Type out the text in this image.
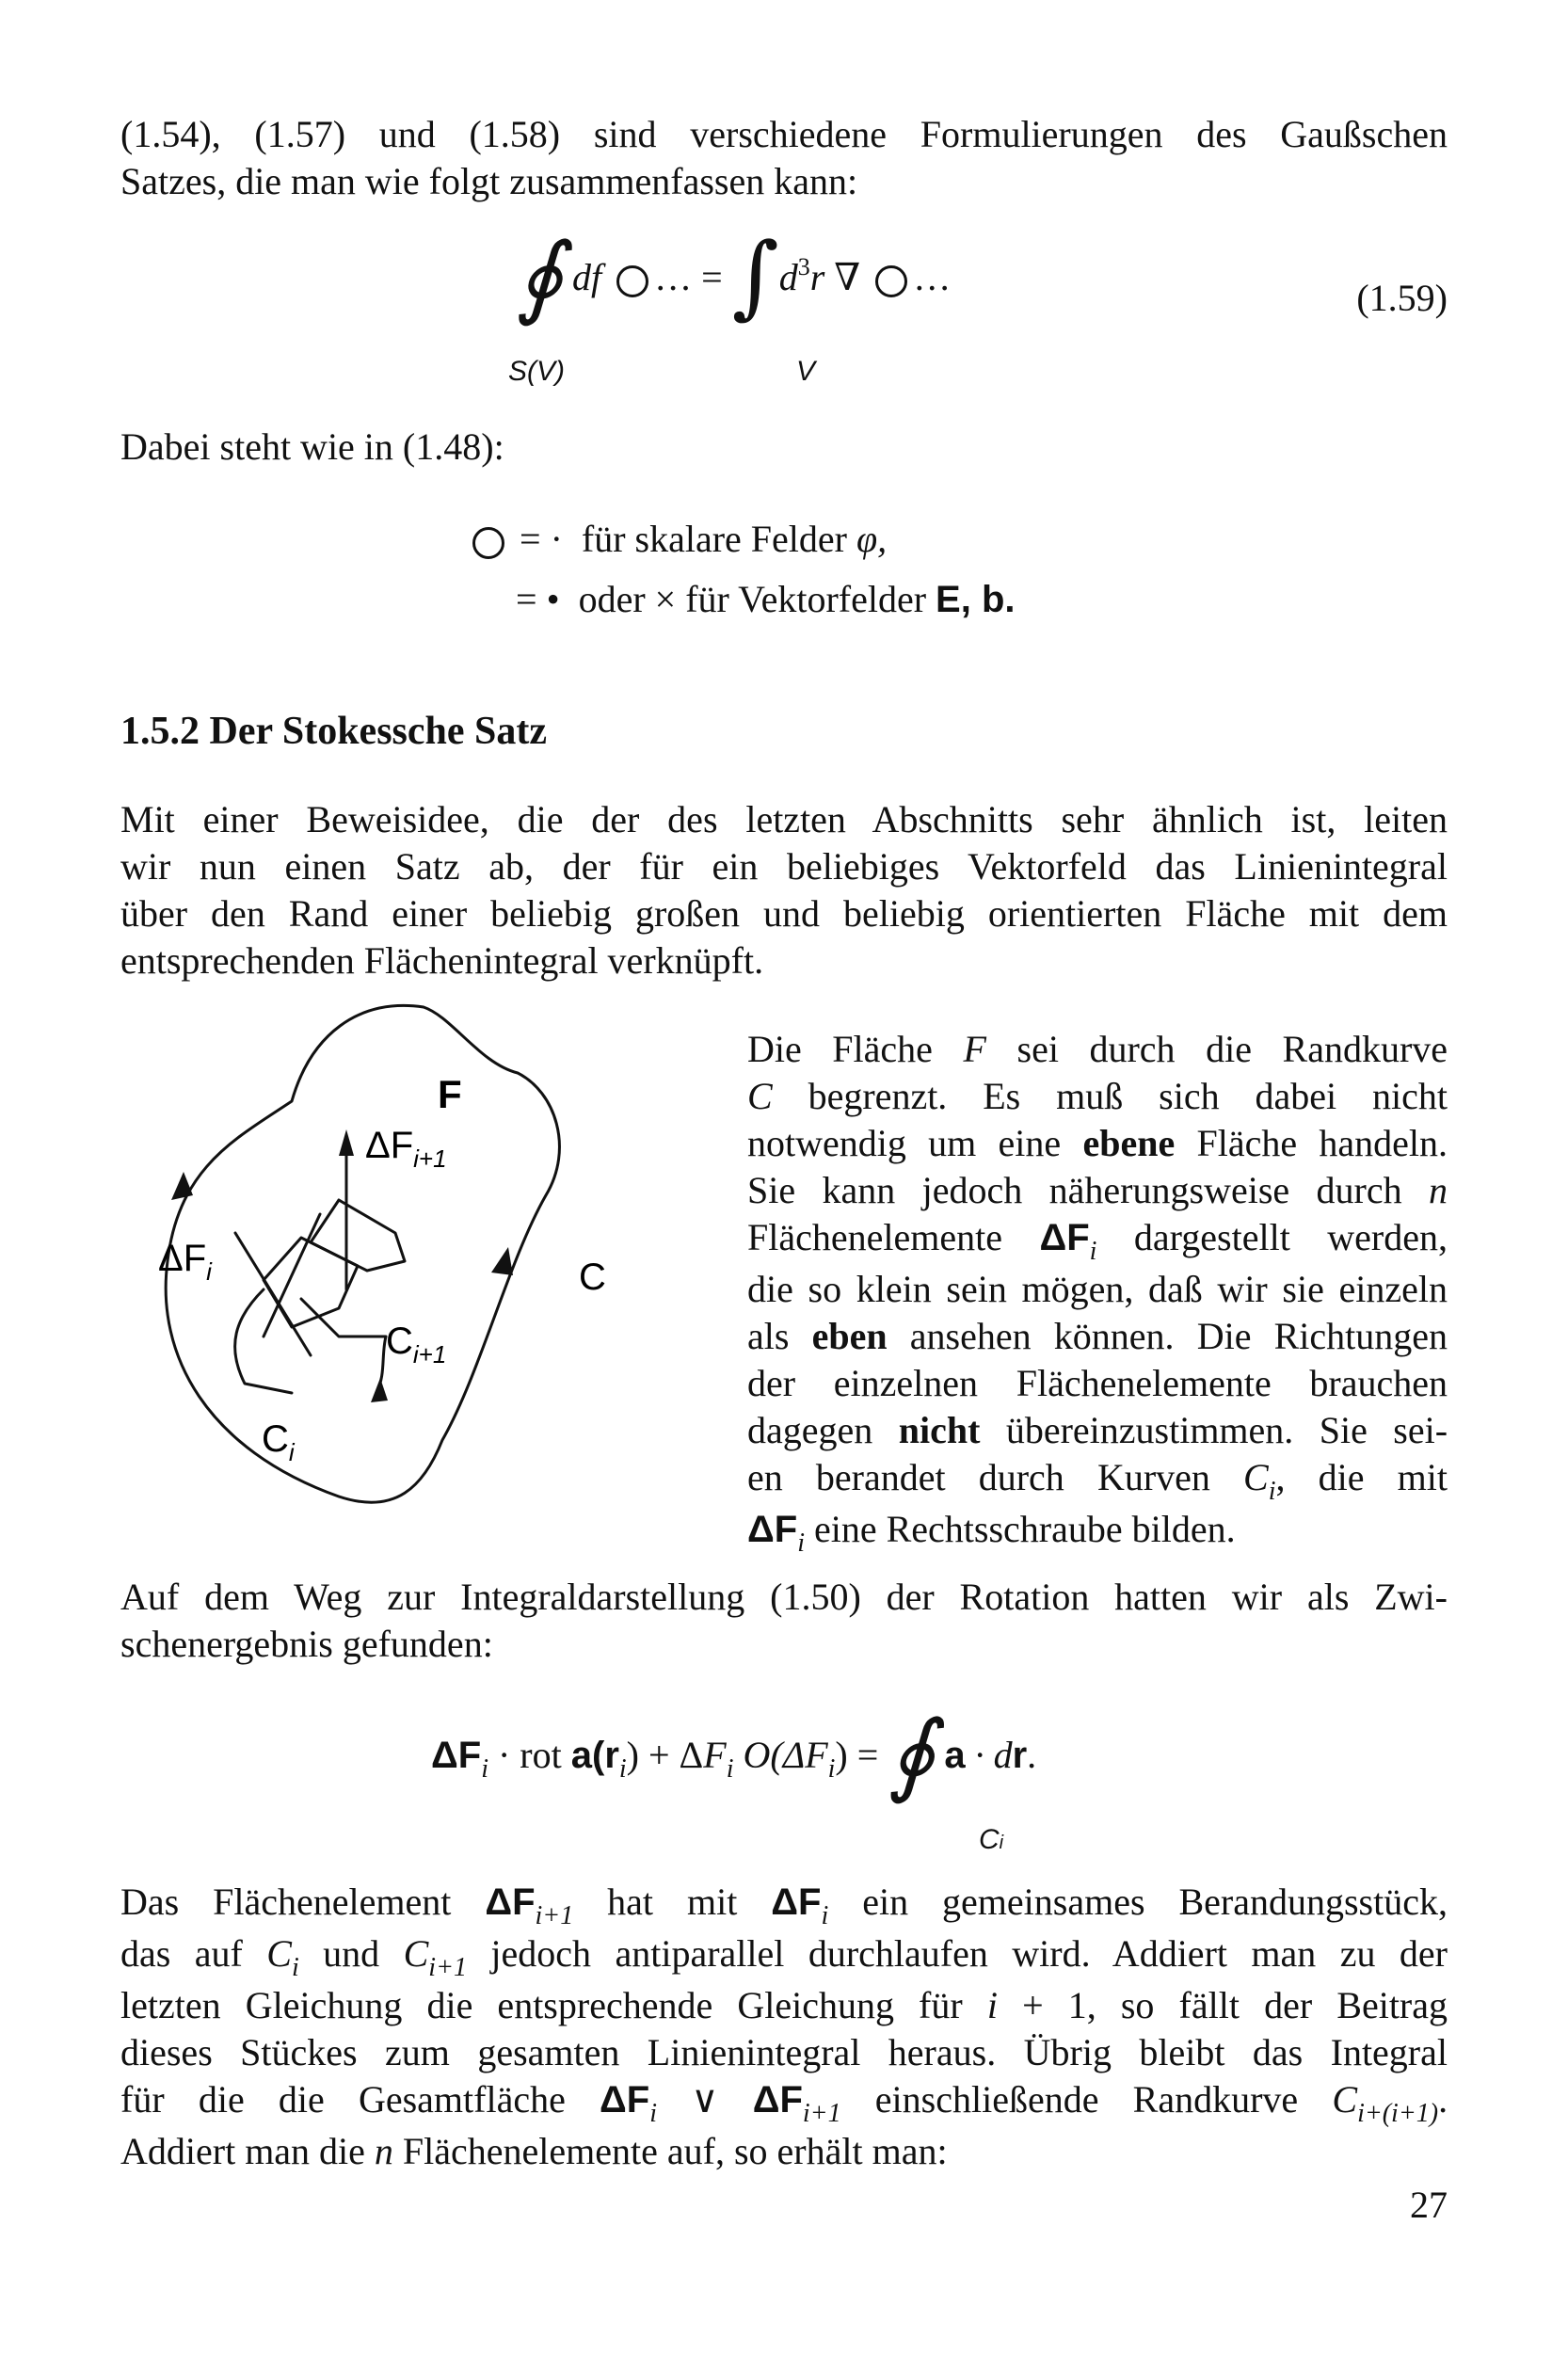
(1.54), (1.57) und (1.58) sind verschiedene Formulierungen des Gaußschen
Satzes, die man wie folgt zusammenfassen kann:
∮ df … = $\int d^3r$ ∇ …
S(V)	V
(1.59)
Dabei steht wie in (1.48):
= · für skalare Felder φ,
= • oder × für Vektorfelder E, b.
1.5.2 Der Stokessche Satz
Mit einer Beweisidee, die der des letzten Abschnitts sehr ähnlich ist, leiten
wir nun einen Satz ab, der für ein beliebiges Vektorfeld das Linienintegral
über den Rand einer beliebig großen und beliebig orientierten Fläche mit dem
entsprechenden Flächenintegral verknüpft.
F
C
$\Delta F_{i+1}$
$\Delta F_i$
$C_{i+1}$
$C_i$
Die Fläche F sei durch die Randkurve
C begrenzt. Es muß sich dabei nicht
notwendig um eine ebene Fläche handeln.
Sie kann jedoch näherungsweise durch n
Flächenelemente $\Delta F_i$ dargestellt werden,
die so klein sein mögen, daß wir sie einzeln
als eben ansehen können. Die Richtungen
der einzelnen Flächenelemente brauchen
dagegen nicht übereinzustimmen. Sie sei-
en berandet durch Kurven $C_i$, die mit
$\Delta F_i$ eine Rechtsschraube bilden.
Auf dem Weg zur Integraldarstellung (1.50) der Rotation hatten wir als Zwi-
schenergebnis gefunden:
$\Delta F_i$ · rot $a(r_i) + \Delta F_i$ $O(\Delta F_i)$ = ∮ a · dr.
Ci
Das Flächenelement $\Delta F_{i+1}$ hat mit $\Delta F_i$ ein gemeinsames Berandungsstück,
das auf $C_i$ und $C_{i+1}$ jedoch antiparallel durchlaufen wird. Addiert man zu der
letzten Gleichung die entsprechende Gleichung für i + 1, so fällt der Beitrag
dieses Stückes zum gesamten Linienintegral heraus. Übrig bleibt das Integral
für die die Gesamtfläche $\Delta F_i$ ∨ $\Delta F_{i+1}$ einschließende Randkurve $C_{i+(i+1)}$.
Addiert man die n Flächenelemente auf, so erhält man:
27
